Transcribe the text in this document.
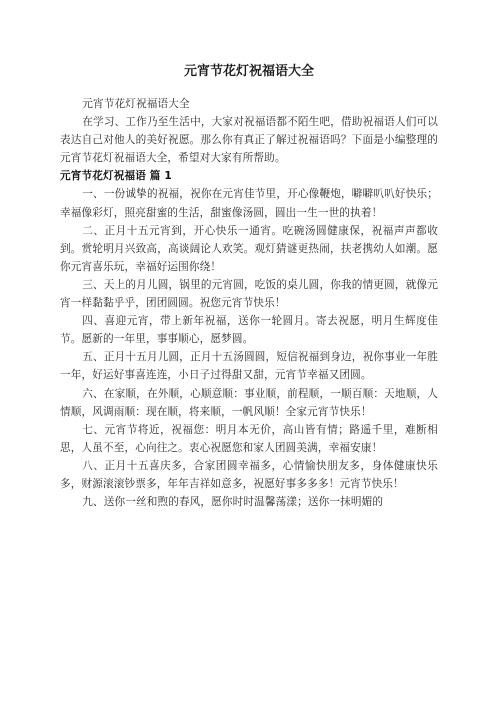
元宵节花灯祝福语大全

元宵节花灯祝福语大全

在学习、工作乃至生活中，大家对祝福语都不陌生吧，借助祝福语人们可以表达自己对他人的美好祝愿。那么你有真正了解过祝福语吗？下面是小编整理的元宵节花灯祝福语大全，希望对大家有所帮助。

元宵节花灯祝福语 篇 1

一、一份诚挚的祝福，祝你在元宵佳节里，开心像鞭炮，噼噼叭叭好快乐；幸福像彩灯，照亮甜蜜的生活，甜蜜像汤圆，圆出一生一世的执着！

二、正月十五元宵到，开心快乐一通宵。吃碗汤圆健康保，祝福声声都收到。赏轮明月兴致高，高谈阔论人欢笑。观灯猜谜更热闹，扶老携幼人如潮。愿你元宵喜乐玩，幸福好运围你绕！

三、天上的月儿圆，锅里的元宵圆，吃饭的桌儿圆，你我的情更圆，就像元宵一样黏黏乎乎，团团圆圆。祝您元宵节快乐！

四、喜迎元宵，带上新年祝福，送你一轮圆月。寄去祝愿，明月生辉度佳节。愿新的一年里，事事顺心，愿梦圆。

五、正月十五月儿圆，正月十五汤圆圆，短信祝福到身边，祝你事业一年胜一年，好运好事喜连连，小日子过得甜又甜，元宵节幸福又团圆。

六、在家顺，在外顺，心顺意顺：事业顺，前程顺，一顺百顺：天地顺，人情顺，风调雨顺：现在顺，将来顺，一帆风顺！全家元宵节快乐！

七、元宵节将近，祝福您：明月本无价，高山皆有情；路遥千里，难断相思，人虽不至，心向往之。衷心祝愿您和家人团圆美满，幸福安康！

八、正月十五喜庆多，合家团圆幸福多，心情愉快朋友多，身体健康快乐多，财源滚滚钞票多，年年吉祥如意多，祝愿好事多多多！元宵节快乐！

九、送你一丝和煦的春风，愿你时时温馨荡漾；送你一抹明媚的
